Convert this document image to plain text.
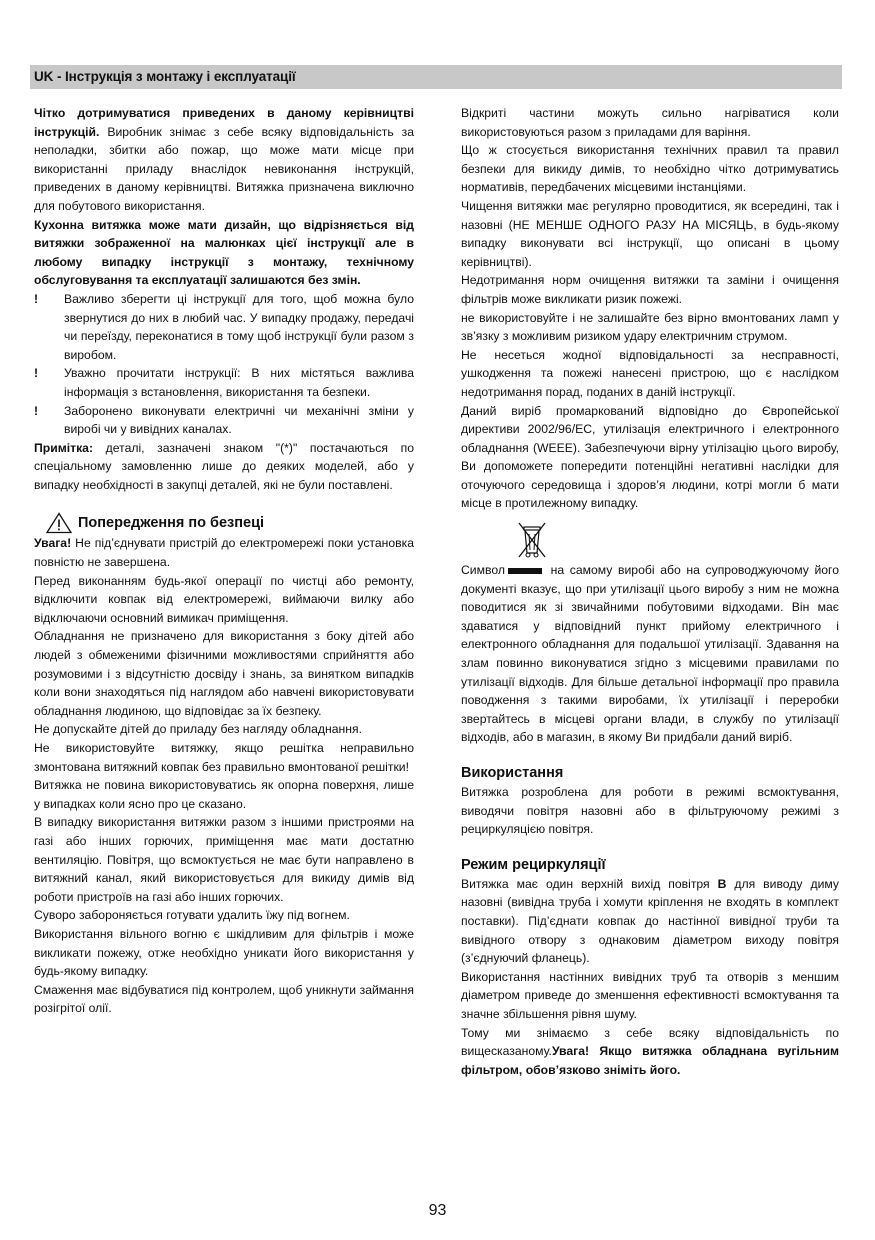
UK - Інструкція з монтажу і експлуатації

Чітко дотримуватися приведених в даному керівництві інструкцій. Виробник знімає з себе всяку відповідальність за неполадки, збитки або пожар, що може мати місце при використанні приладу внаслідок невиконання інструкцій, приведених в даному керівництві. Витяжка призначена виключно для побутового використання.

Кухонна витяжка може мати дизайн, що відрізняється від витяжки зображенної на малюнках цієї інструкції але в любому випадку інструкції з монтажу, технічному обслуговування та експлуатації залишаются без змін.

!	Важливо зберегти ці інструкції для того, щоб можна було звернутися до них в любий час. У випадку продажу, передачі чи переїзду, переконатися в тому щоб інструкції були разом з виробом.

!	Уважно прочитати інструкції: В них містяться важлива інформація з встановлення, використання та безпеки.

!	Заборонено виконувати електричні чи механічні зміни у виробі чи у вивідних каналах.

Примітка: деталі, зазначені знаком "(*)" постачаються по спеціальному замовленню лише до деяких моделей, або у випадку необхідності в закупці деталей, які не були поставлені.

Попередження по безпеці

Увага! Не під’єднувати пристрій до електромережі поки установка повністю не завершена.

Перед виконанням будь-якої операції по чистці або ремонту, відключити ковпак від електромережі, виймаючи вилку або відключаючи основний вимикач приміщення.

Обладнання не призначено для використання з боку дітей або людей з обмеженими фізичними можливостями сприйняття або розумовими і з відсутністю досвіду і знань, за винятком випадків коли вони знаходяться під наглядом або навчені використовувати обладнання людиною, що відповідає за їх безпеку.

Не допускайте дітей до приладу без нагляду обладнання.

Не використовуйте витяжку, якщо решітка неправильно змонтована витяжний ковпак без правильно вмонтованої решітки!

Витяжка не повина використовуватись як опорна поверхня, лише у випадках коли ясно про це сказано.

В випадку використання витяжки разом з іншими пристроями на газі або інших горючих, приміщення має мати достатню вентиляцію. Повітря, що всмоктується не має бути направлено в витяжний канал, який використовується для викиду димів від роботи пристроїв на газі або інших горючих.

Суворо забороняється готувати удалить їжу під вогнем.

Використання вільного вогню є шкідливим для фільтрів і може викликати пожежу, отже необхідно уникати його використання у будь-якому випадку.

Смаження має відбуватися під контролем, щоб уникнути займання розігрітої олії.

Відкриті частини можуть сильно нагріватися коли використовуються разом з приладами для варіння.

Що ж стосується використання технічних правил та правил безпеки для викиду димів, то необхідно чітко дотримуватись нормативів, передбачених місцевими інстанціями.

Чищення витяжки має регулярно проводитися, як всередині, так і назовні (НЕ МЕНШЕ ОДНОГО РАЗУ НА МІСЯЦЬ, в будь-якому випадку виконувати всі інструкції, що описані в цьому керівництві).

Недотримання норм очищення витяжки та заміни і очищення фільтрів може викликати ризик пожежі.

не використовуйте і не залишайте без вірно вмонтованих ламп у зв’язку з можливим ризиком удару електричним струмом.

Не несеться жодної відповідальності за несправності, ушкодження та пожежі нанесені пристрою, що є наслідком недотримання порад, поданих в даній інструкції.

Даний виріб промаркований відповідно до Європейської директиви 2002/96/EC, утилізація електричного і електронного обладнання (WEEE). Забезпечуючи вірну утілізацію цього виробу, Ви допоможете попередити потенційні негативні наслідки для оточуючого середовища і здоров’я людини, котрі могли б мати місце в протилежному випадку.

Символ	на самому виробі або на супроводжуючому його документі вказує, що при утилізації цього виробу з ним не можна поводитися як зі звичайними побутовими відходами. Він має здаватися у відповідний пункт прийому електричного і електронного обладнання для подальшої утилізації. Здавання на злам повинно виконуватися згідно з місцевими правилами по утилізації відходів. Для більше детальної інформації про правила поводження з такими виробами, їх утилізації і переробки звертайтесь в місцеві органи влади, в службу по утилізації відходів, або в магазин, в якому Ви придбали даний виріб.

Використання

Витяжка розроблена для роботи в режимі всмоктування, виводячи повітря назовні або в фільтруючому режимі з рециркуляцією повітря.

Режим рециркуляції

Витяжка має один верхній вихід повітря B для виводу диму назовні (вивідна труба і хомути кріплення не входять в комплект поставки). Під’єднати ковпак до настінної вивідної труби та вивідного отвору з однаковим діаметром виходу повітря (з’єднуючий фланець).

Використання настінних вивідних труб та отворів з меншим діаметром приведе до зменшення ефективності всмоктування та значне збільшення рівня шуму.

Тому ми знімаємо з себе всяку відповідальність по вищесказаному.Увага! Якщо витяжка обладнана вугільним фільтром, обов’язково зніміть його.

93
